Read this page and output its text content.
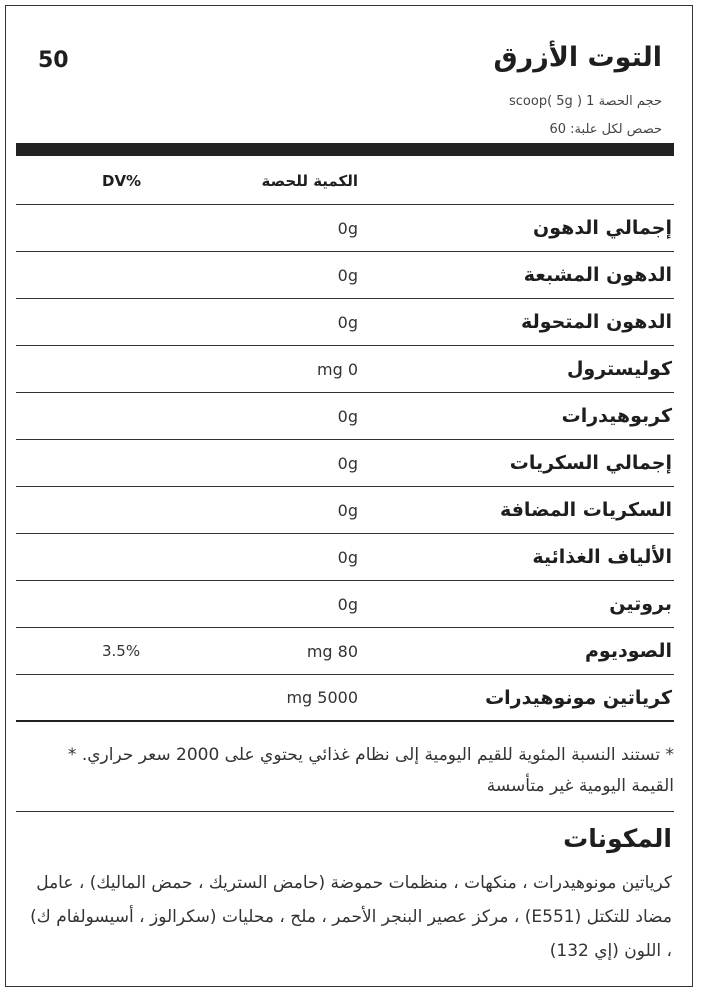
التوت الأزرق
50
حجم الحصة 1 scoop( 5g )
حصص لكل علبة: 60
الكمية للحصة
DV%
إجمالي الدهون
0g
الدهون المشبعة
0g
الدهون المتحولة
0g
كوليسترول
mg 0
كربوهيدرات
0g
إجمالي السكريات
0g
السكريات المضافة
0g
الألياف الغذائية
0g
بروتين
0g
الصوديوم
mg 80
3.5%
كرياتين مونوهيدرات
mg 5000
* تستند النسبة المئوية للقيم اليومية إلى نظام غذائي يحتوي على 2000 سعر حراري. * القيمة اليومية غير متأسسة
المكونات
كرياتين مونوهيدرات ، منكهات ، منظمات حموضة (حامض الستريك ، حمض الماليك) ، عامل مضاد للتكتل (E551) ، مركز عصير البنجر الأحمر ، ملح ، محليات (سكرالوز ، أسيسولفام ك) ، اللون (إي 132)
